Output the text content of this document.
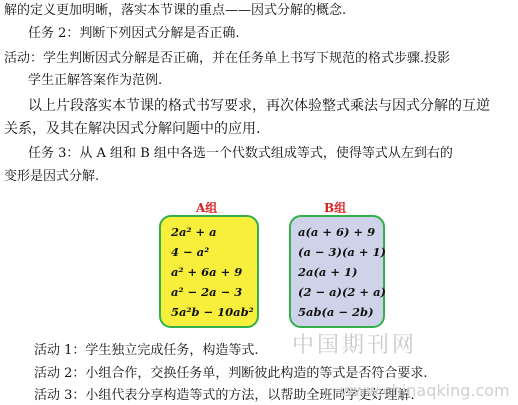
解的定义更加明晰，落实本节课的重点——因式分解的概念.
任务 2：判断下列因式分解是否正确.
活动：学生判断因式分解是否正确，并在任务单上书写下规范的格式步骤.投影
学生正解答案作为范例.
以上片段落实本节课的格式书写要求，再次体验整式乘法与因式分解的互逆
关系，及其在解决因式分解问题中的应用.
任务 3：从 A 组和 B 组中各选一个代数式组成等式，使得等式从左到右的
变形是因式分解.
A组	B组
2a² + a
4 − a²
a² + 6a + 9
a² − 2a − 3
5a²b − 10ab²
a(a + 6) + 9
(a − 3)(a + 1)
2a(a + 1)
(2 − a)(2 + a)
5ab(a − 2b)
活动 1：学生独立完成任务，构造等式.
活动 2：小组合作，交换任务单，判断彼此构造的等式是否符合要求.
活动 3：小组代表分享构造等式的方法，以帮助全班同学更好理解.
中国期刊网
www.chinaqking.com
